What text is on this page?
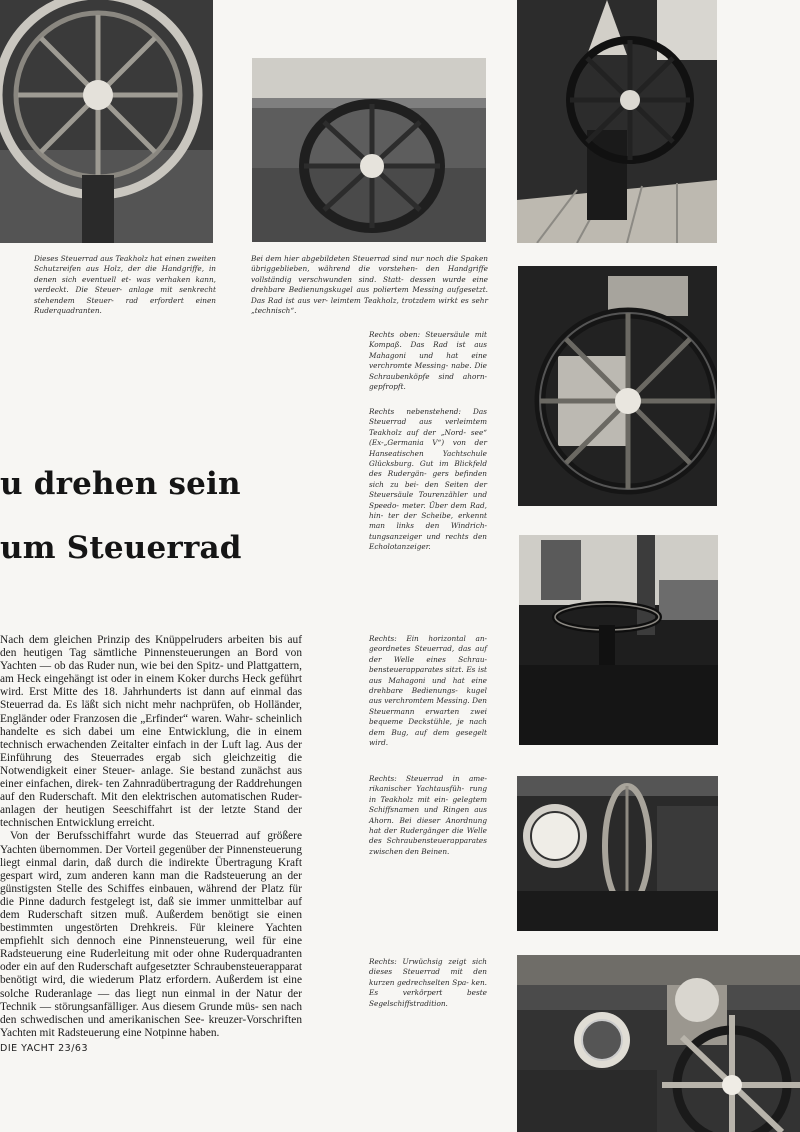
Dieses Steuerrad aus Teakholz hat einen zweiten Schutzreifen aus Holz, der die Handgriffe, in denen sich eventuell et- was verhaken kann, verdeckt. Die Steuer- anlage mit senkrecht stehendem Steuer- rad erfordert einen Ruderquadranten.

Bei dem hier abgebildeten Steuerrad sind nur noch die Spaken übriggeblieben, während die vorstehen- den Handgriffe vollständig verschwunden sind. Statt- dessen wurde eine drehbare Bedienungskugel aus poliertem Messing aufgesetzt. Das Rad ist aus ver- leimtem Teakholz, trotzdem wirkt es sehr „technisch“.

Rechts oben: Steuersäule mit Kompaß. Das Rad ist aus Mahagoni und hat eine verchromte Messing- nabe. Die Schraubenköpfe sind ahorn-gepfropft.

Rechts nebenstehend: Das Steuerrad aus verleimtem Teakholz auf der „Nord- see“ (Ex-„Germania V“) von der Hanseatischen Yachtschule Glücksburg. Gut im Blickfeld des Rudergän- gers befinden sich zu bei- den Seiten der Steuersäule Tourenzähler und Speedo- meter. Über dem Rad, hin- ter der Scheibe, erkennt man links den Windrich- tungsanzeiger und rechts den Echolotanzeiger.

Rechts: Ein horizontal an- geordnetes Steuerrad, das auf der Welle eines Schrau- bensteuerapparates sitzt. Es ist aus Mahagoni und hat eine drehbare Bedienungs- kugel aus verchromtem Messing. Den Steuermann erwarten zwei bequeme Deckstühle, je nach dem Bug, auf dem gesegelt wird.

Rechts: Steuerrad in ame- rikanischer Yachtausfüh- rung in Teakholz mit ein- gelegtem Schiffsnamen und Ringen aus Ahorn. Bei dieser Anordnung hat der Rudergänger die Welle des Schraubensteuerapparates zwischen den Beinen.

Rechts: Urwüchsig zeigt sich dieses Steuerrad mit den kurzen gedrechselten Spa- ken. Es verkörpert beste Segelschiffstradition.

u drehen sein
um Steuerrad

Nach dem gleichen Prinzip des Knüppelruders arbeiten bis auf den heutigen Tag sämtliche Pinnensteuerungen an Bord von Yachten — ob das Ruder nun, wie bei den Spitz- und Plattgattern, am Heck eingehängt ist oder in einem Koker durchs Heck geführt wird. Erst Mitte des 18. Jahrhunderts ist dann auf einmal das Steuerrad da. Es läßt sich nicht mehr nachprüfen, ob Holländer, Engländer oder Franzosen die „Erfinder“ waren. Wahr- scheinlich handelte es sich dabei um eine Entwicklung, die in einem technisch erwachenden Zeitalter einfach in der Luft lag. Aus der Einführung des Steuerrades ergab sich gleichzeitig die Notwendigkeit einer Steuer- anlage. Sie bestand zunächst aus einer einfachen, direk- ten Zahnradübertragung der Raddrehungen auf den Ruderschaft. Mit den elektrischen automatischen Ruder- anlagen der heutigen Seeschiffahrt ist der letzte Stand der technischen Entwicklung erreicht.

Von der Berufsschiffahrt wurde das Steuerrad auf größere Yachten übernommen. Der Vorteil gegenüber der Pinnensteuerung liegt einmal darin, daß durch die indirekte Übertragung Kraft gespart wird, zum anderen kann man die Radsteuerung an der günstigsten Stelle des Schiffes einbauen, während der Platz für die Pinne dadurch festgelegt ist, daß sie immer unmittelbar auf dem Ruderschaft sitzen muß. Außerdem benötigt sie einen bestimmten ungestörten Drehkreis. Für kleinere Yachten empfiehlt sich dennoch eine Pinnensteuerung, weil für eine Radsteuerung eine Ruderleitung mit oder ohne Ruderquadranten oder ein auf den Ruderschaft aufgesetzter Schraubensteuerapparat benötigt wird, die wiederum Platz erfordern. Außerdem ist eine solche Ruderanlage — das liegt nun einmal in der Natur der Technik — störungsanfälliger. Aus diesem Grunde müs- sen nach den schwedischen und amerikanischen See- kreuzer-Vorschriften Yachten mit Radsteuerung eine Notpinne haben.

DIE YACHT 23/63
